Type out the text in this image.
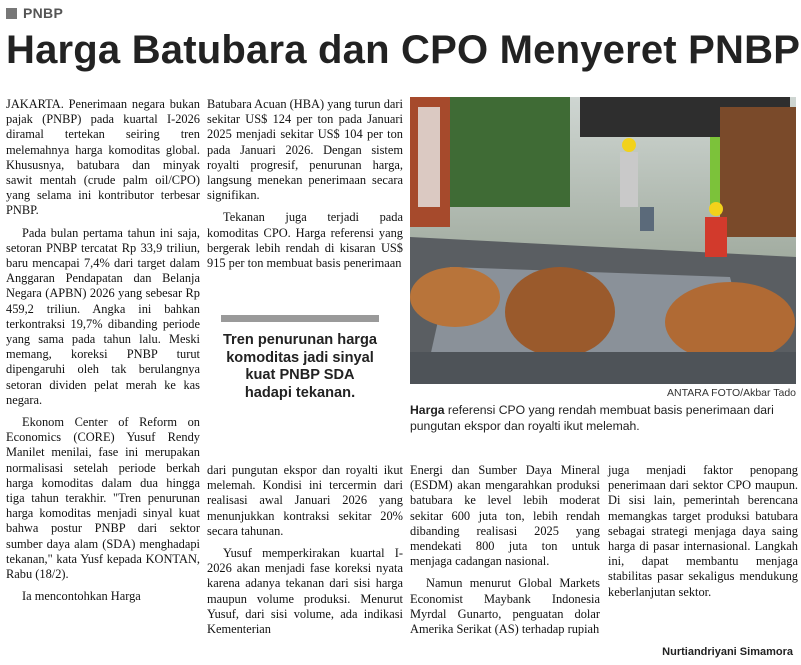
PNBP
Harga Batubara dan CPO Menyeret PNBP

JAKARTA. Penerimaan negara bukan pajak (PNBP) pada kuartal I-2026 diramal tertekan seiring tren melemahnya harga komoditas global. Khususnya, batubara dan minyak sawit mentah (crude palm oil/CPO) yang selama ini kontributor terbesar PNBP.

Pada bulan pertama tahun ini saja, setoran PNBP tercatat Rp 33,9 triliun, baru mencapai 7,4% dari target dalam Anggaran Pendapatan dan Belanja Negara (APBN) 2026 yang sebesar Rp 459,2 triliun. Angka ini bahkan terkontraksi 19,7% dibanding periode yang sama pada tahun lalu. Meski memang, koreksi PNBP turut dipengaruhi oleh tak berulangnya setoran dividen pelat merah ke kas negara.

Ekonom Center of Reform on Economics (CORE) Yusuf Rendy Manilet menilai, fase ini merupakan normalisasi setelah periode berkah harga komoditas dalam dua hingga tiga tahun terakhir. "Tren penurunan harga komoditas menjadi sinyal kuat bahwa postur PNBP dari sektor sumber daya alam (SDA) menghadapi tekanan," kata Yusf kepada KONTAN, Rabu (18/2).

Ia mencontohkan Harga

Batubara Acuan (HBA) yang turun dari sekitar US$ 124 per ton pada Januari 2025 menjadi sekitar US$ 104 per ton pada Januari 2026. Dengan sistem royalti progresif, penurunan harga, langsung menekan penerimaan secara signifikan.

Tekanan juga terjadi pada komoditas CPO. Harga referensi yang bergerak lebih rendah di kisaran US$ 915 per ton membuat basis penerimaan

Tren penurunan harga komoditas jadi sinyal kuat PNBP SDA hadapi tekanan.	ANTARA FOTO/Akbar Tado
Harga referensi CPO yang rendah membuat basis penerimaan dari pungutan ekspor dan royalti ikut melemah.

dari pungutan ekspor dan royalti ikut melemah. Kondisi ini tercermin dari realisasi awal Januari 2026 yang menunjukkan kontraksi sekitar 20% secara tahunan.

Yusuf memperkirakan kuartal I-2026 akan menjadi fase koreksi nyata karena adanya tekanan dari sisi harga maupun volume produksi. Menurut Yusuf, dari sisi volume, ada indikasi Kementerian

Energi dan Sumber Daya Mineral (ESDM) akan mengarahkan produksi batubara ke level lebih moderat sekitar 600 juta ton, lebih rendah dibanding realisasi 2025 yang mendekati 800 juta ton untuk menjaga cadangan nasional.

Namun menurut Global Markets Economist Maybank Indonesia Myrdal Gunarto, penguatan dolar Amerika Serikat (AS) terhadap rupiah

juga menjadi faktor penopang penerimaan dari sektor CPO maupun. Di sisi lain, pemerintah berencana memangkas target produksi batubara sebagai strategi menjaga daya saing harga di pasar internasional. Langkah ini, dapat membantu menjaga stabilitas pasar sekaligus mendukung keberlanjutan sektor.

Nurtiandriyani Simamora
